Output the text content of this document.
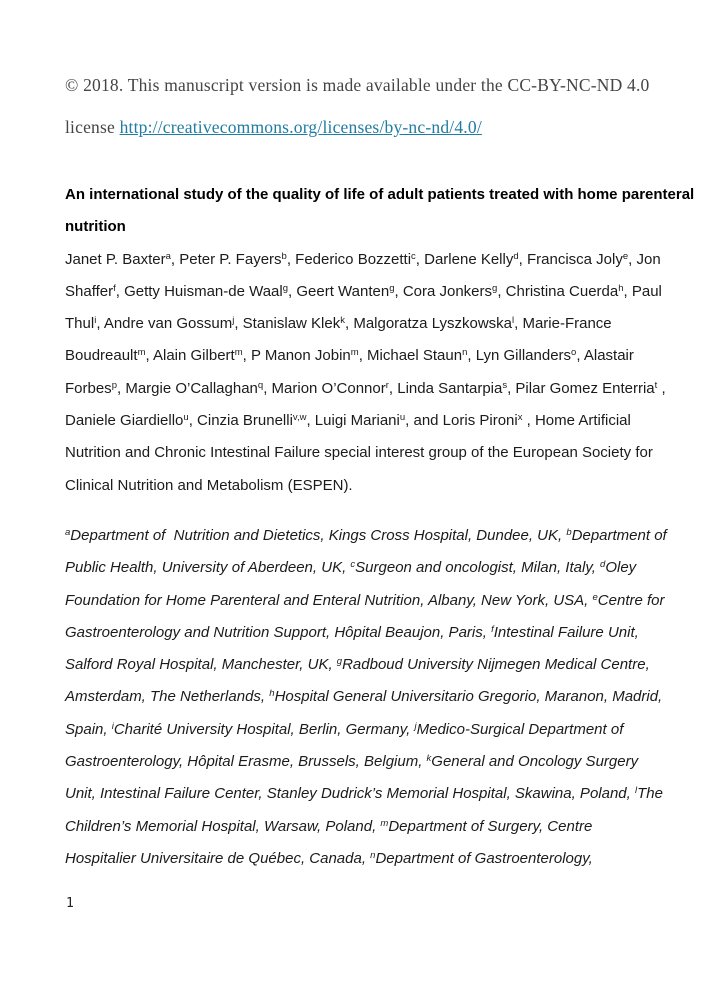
© 2018. This manuscript version is made available under the CC-BY-NC-ND 4.0
license http://creativecommons.org/licenses/by-nc-nd/4.0/
An international study of the quality of life of adult patients treated with home parenteral
nutrition
Janet P. Baxter$^a$, Peter P. Fayers$^b$, Federico Bozzetti$^c$, Darlene Kelly$^d$, Francisca Joly$^e$, Jon
Shaffer$^f$, Getty Huisman-de Waal$^g$, Geert Wanten$^g$, Cora Jonkers$^g$, Christina Cuerda$^h$, Paul
Thul$^i$, Andre van Gossum$^j$, Stanislaw Klek$^k$, Malgoratza Lyszkowska$^l$, Marie-France
Boudreault$^m$, Alain Gilbert$^m$, P Manon Jobin$^m$, Michael Staun$^n$, Lyn Gillanders$^o$, Alastair
Forbes$^p$, Margie O’Callaghan$^q$, Marion O’Connor$^r$, Linda Santarpia$^s$, Pilar Gomez Enterria$^t$ ,
Daniele Giardiello$^u$, Cinzia Brunelli$^{v,w}$, Luigi Mariani$^u$, and Loris Pironi$^x$ , Home Artificial
Nutrition and Chronic Intestinal Failure special interest group of the European Society for
Clinical Nutrition and Metabolism (ESPEN).
$^a$Department of  Nutrition and Dietetics, Kings Cross Hospital, Dundee, UK, $^b$Department of
Public Health, University of Aberdeen, UK, $^c$Surgeon and oncologist, Milan, Italy, $^d$Oley
Foundation for Home Parenteral and Enteral Nutrition, Albany, New York, USA, $^e$Centre for
Gastroenterology and Nutrition Support, Hôpital Beaujon, Paris, $^f$Intestinal Failure Unit,
Salford Royal Hospital, Manchester, UK, $^g$Radboud University Nijmegen Medical Centre,
Amsterdam, The Netherlands, $^h$Hospital General Universitario Gregorio, Maranon, Madrid,
Spain, $^i$Charité University Hospital, Berlin, Germany, $^j$Medico-Surgical Department of
Gastroenterology, Hôpital Erasme, Brussels, Belgium, $^k$General and Oncology Surgery
Unit, Intestinal Failure Center, Stanley Dudrick’s Memorial Hospital, Skawina, Poland, $^l$The
Children’s Memorial Hospital, Warsaw, Poland, $^m$Department of Surgery, Centre
Hospitalier Universitaire de Québec, Canada, $^n$Department of Gastroenterology,
1
